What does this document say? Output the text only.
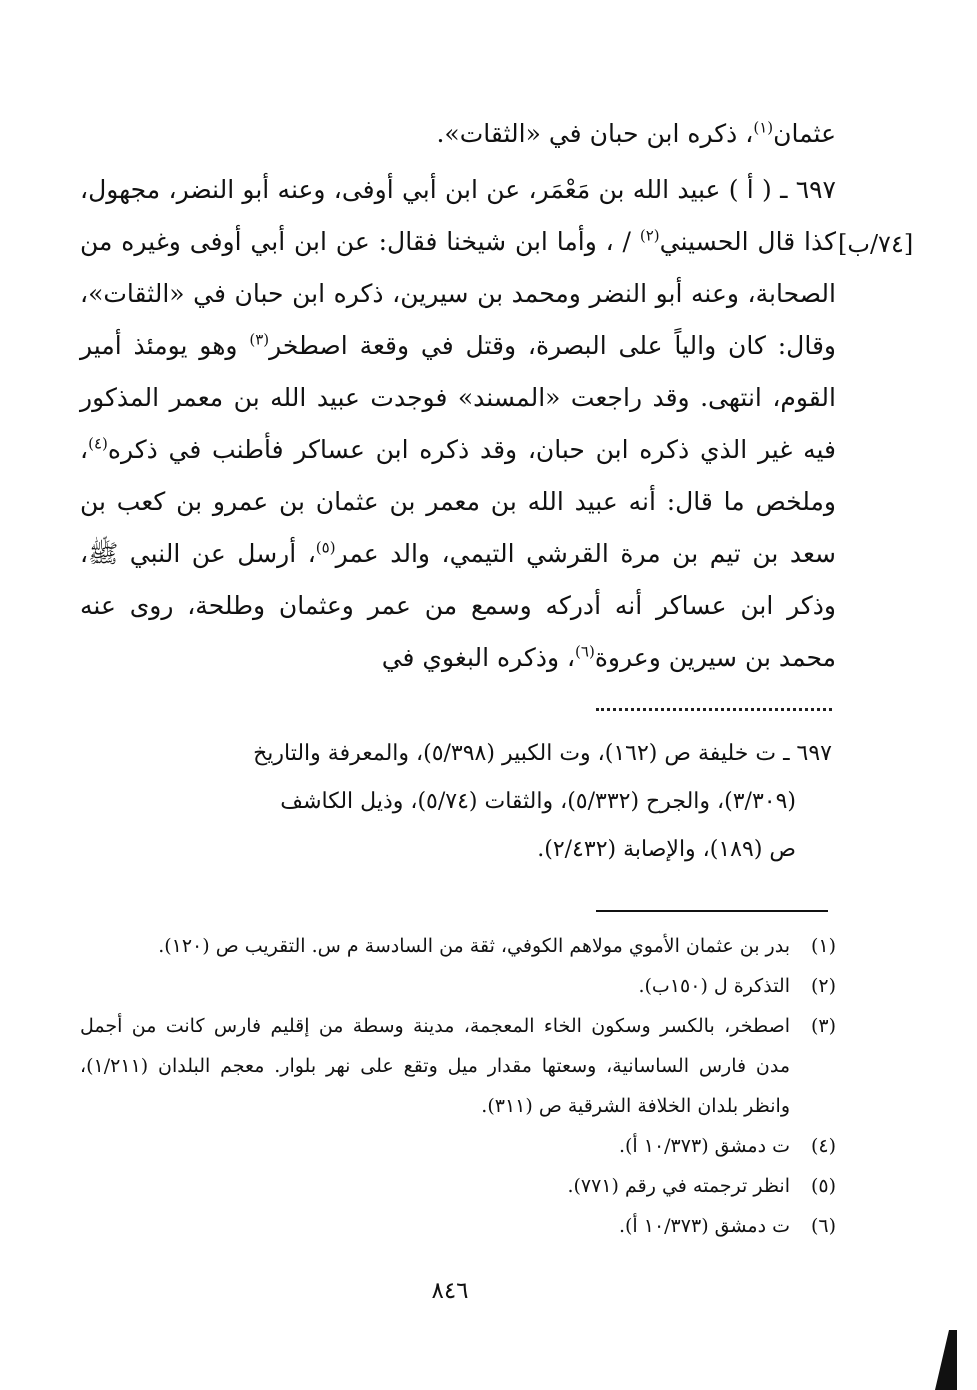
عثمان$^{(١)}$، ذكره ابن حبان في «الثقات».

٦٩٧ ـ ( أ ) عبيد الله بن مَعْمَر، عن ابن أبي أوفى، وعنه أبو النضر، مجهول، كذا قال الحسيني$^{(٢)}$ / ، وأما ابن شيخنا فقال: عن ابن أبي أوفى وغيره من الصحابة، وعنه أبو النضر ومحمد بن سيرين، ذكره ابن حبان في «الثقات»، وقال: كان والياً على البصرة، وقتل في وقعة اصطخر$^{(٣)}$ وهو يومئذ أمير القوم، انتهى. وقد راجعت «المسند» فوجدت عبيد الله بن معمر المذكور فيه غير الذي ذكره ابن حبان، وقد ذكره ابن عساكر فأطنب في ذكره$^{(٤)}$، وملخص ما قال: أنه عبيد الله بن معمر بن عثمان بن عمرو بن كعب بن سعد بن تيم بن مرة القرشي التيمي، والد عمر$^{(٥)}$، أرسل عن النبي ﷺ، وذكر ابن عساكر أنه أدركه وسمع من عمر وعثمان وطلحة، روى عنه محمد بن سيرين وعروة$^{(٦)}$، وذكره البغوي في

[٧٤/ب]

٦٩٧ ـ ت خليفة ص (١٦٢)، وت الكبير (٥/٣٩٨)، والمعرفة والتاريخ

(٣/٣٠٩)، والجرح (٥/٣٣٢)، والثقات (٥/٧٤)، وذيل الكاشف

ص (١٨٩)، والإصابة (٢/٤٣٢).

(١)
بدر بن عثمان الأموي مولاهم الكوفي، ثقة من السادسة م س. التقريب ص (١٢٠).
(٢)
التذكرة ل (١٥٠ب).
(٣)
اصطخر، بالكسر وسكون الخاء المعجمة، مدينة وسطة من إقليم فارس كانت من أجمل مدن فارس الساسانية، وسعتها مقدار ميل وتقع على نهر بلوار. معجم البلدان (١/٢١١)، وانظر بلدان الخلافة الشرقية ص (٣١١).
(٤)
ت دمشق (١٠/٣٧٣ أ).
(٥)
انظر ترجمته في رقم (٧٧١).
(٦)
ت دمشق (١٠/٣٧٣ أ).
٨٤٦
